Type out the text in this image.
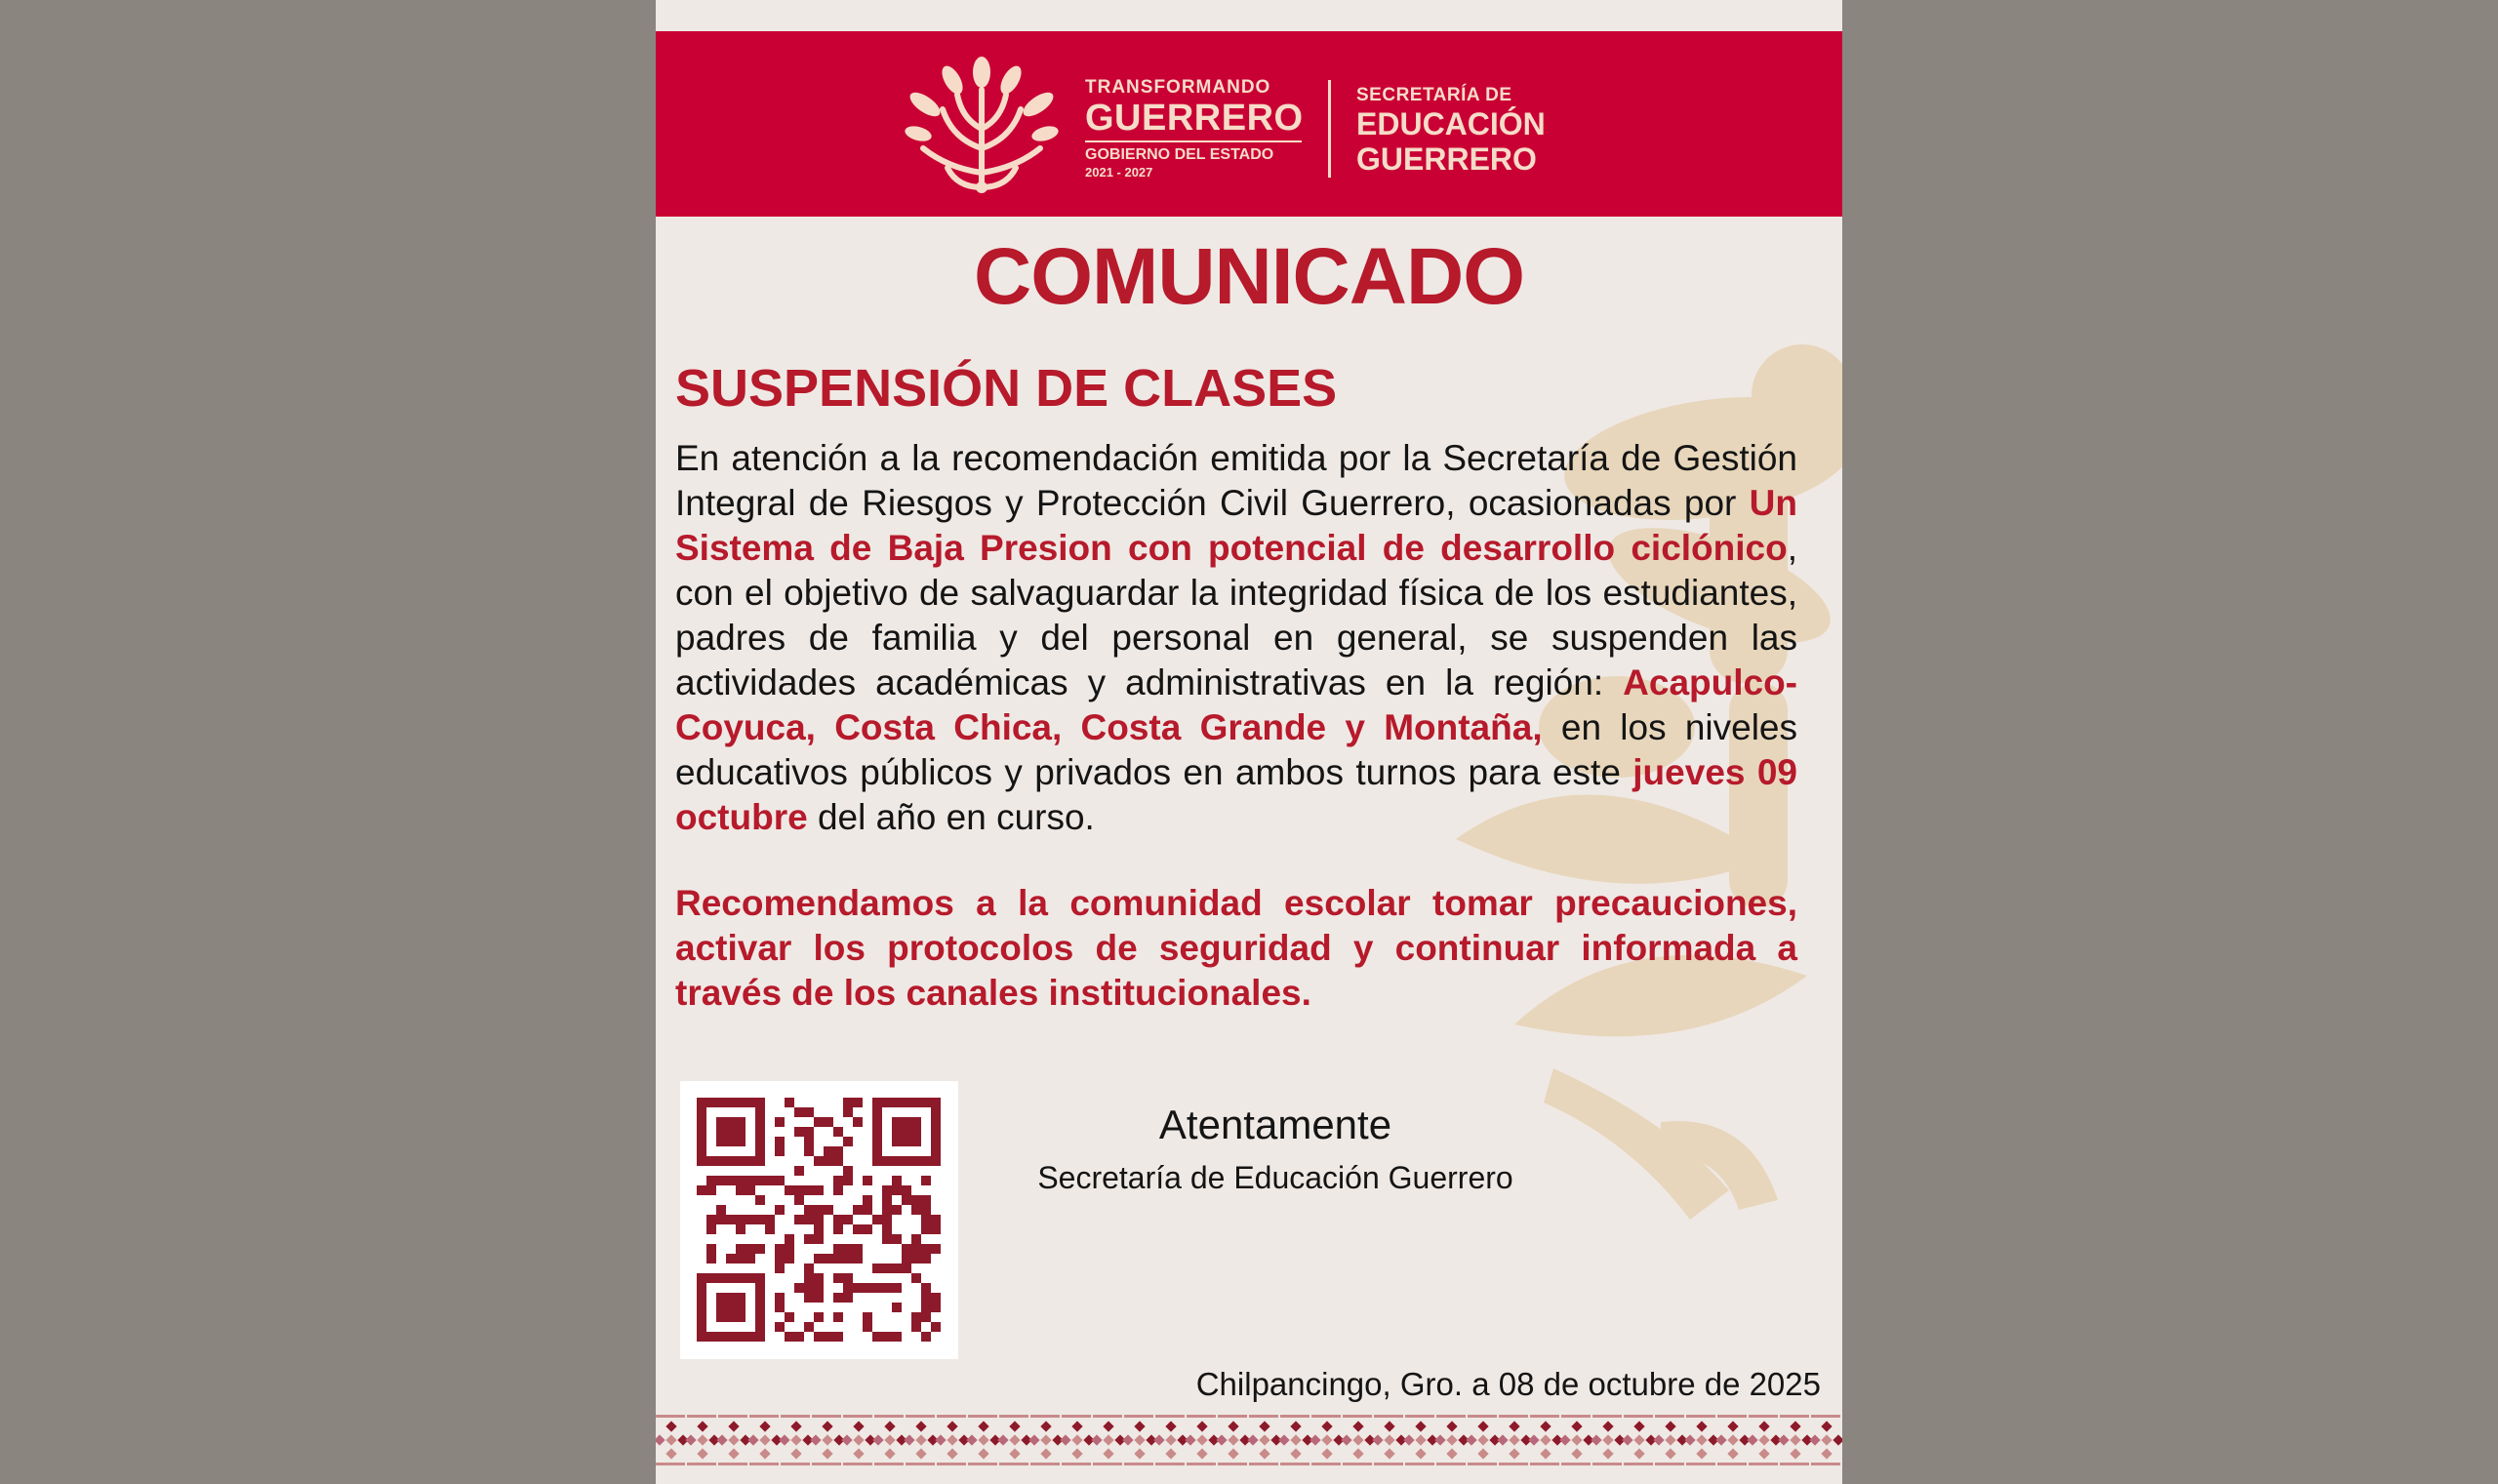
TRANSFORMANDO
GUERRERO
GOBIERNO DEL ESTADO
2021 - 2027
SECRETARÍA DE
EDUCACIÓN
GUERRERO
COMUNICADO
SUSPENSIÓN DE CLASES
En atención a la recomendación emitida por la Secretaría de Gestión Integral de Riesgos y Protección Civil Guerrero, ocasionadas por Un Sistema de Baja Presion con potencial de desarrollo ciclónico, con el objetivo de salvaguardar la integridad física de los estudiantes, padres de familia y del personal en general, se suspenden las actividades académicas y administrativas en la región: Acapulco-Coyuca, Costa Chica, Costa Grande y Montaña, en los niveles educativos públicos y privados en ambos turnos para este jueves 09 octubre del año en curso.
Recomendamos a la comunidad escolar tomar precauciones, activar los protocolos de seguridad y continuar informada a través de los canales institucionales.
Atentamente
Secretaría de Educación Guerrero
Chilpancingo, Gro. a 08 de octubre de 2025
